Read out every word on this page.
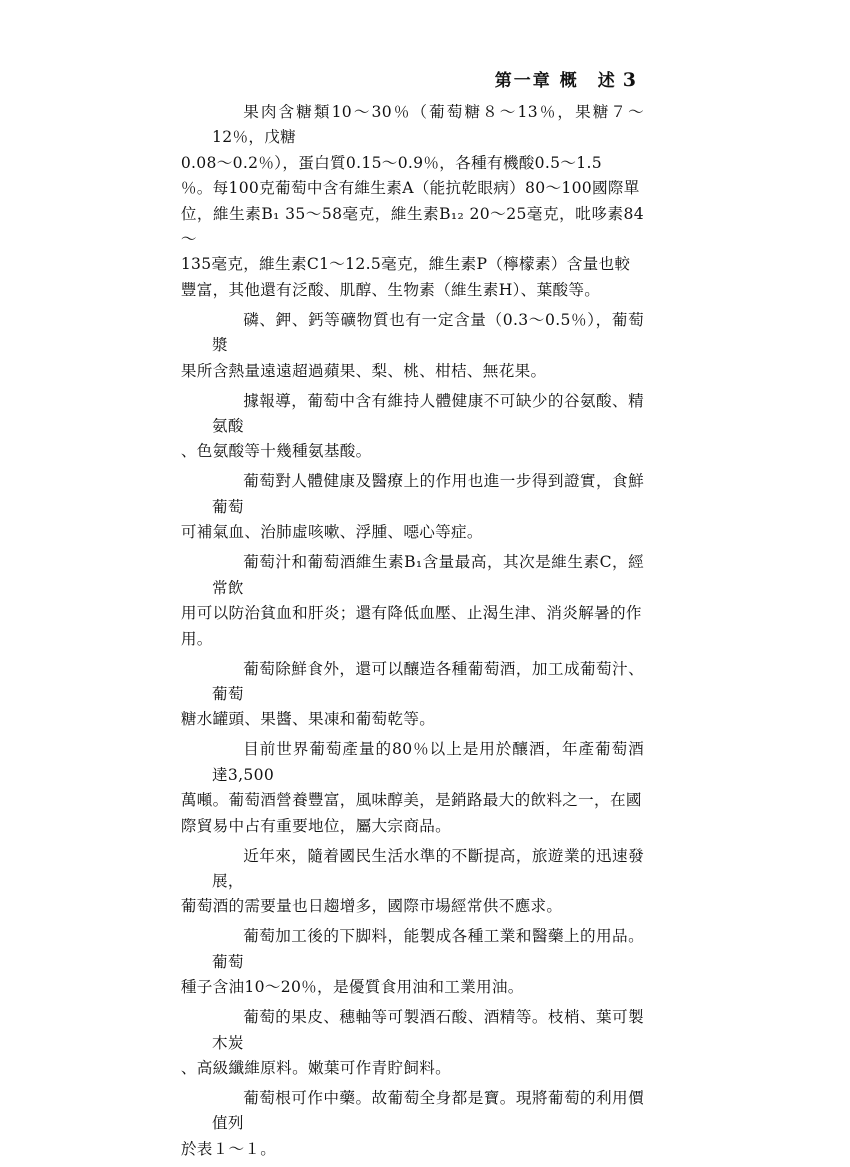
第一章 概　述 3

果肉含糖類10～30％（葡萄糖８～13％，果糖７～12％，戊糖
0.08～0.2％），蛋白質0.15～0.9％，各種有機酸0.5～1.5
％。每100克葡萄中含有維生素A（能抗乾眼病）80～100國際單
位，維生素B₁ 35～58毫克，維生素B₁₂ 20～25毫克，吡哆素84～
135毫克，維生素C1～12.5毫克，維生素P（檸檬素）含量也較
豐富，其他還有泛酸、肌醇、生物素（維生素H）、葉酸等。

磷、鉀、鈣等礦物質也有一定含量（0.3～0.5％），葡萄漿
果所含熱量遠遠超過蘋果、梨、桃、柑桔、無花果。

據報導，葡萄中含有維持人體健康不可缺少的谷氨酸、精氨酸
、色氨酸等十幾種氨基酸。

葡萄對人體健康及醫療上的作用也進一步得到證實，食鮮葡萄
可補氣血、治肺虛咳嗽、浮腫、噁心等症。

葡萄汁和葡萄酒維生素B₁含量最高，其次是維生素C，經常飲
用可以防治貧血和肝炎；還有降低血壓、止渴生津、消炎解暑的作
用。

葡萄除鮮食外，還可以釀造各種葡萄酒，加工成葡萄汁、葡萄
糖水罐頭、果醬、果凍和葡萄乾等。

目前世界葡萄產量的80％以上是用於釀酒，年產葡萄酒達3,500
萬噸。葡萄酒營養豐富，風味醇美，是銷路最大的飲料之一，在國
際貿易中占有重要地位，屬大宗商品。

近年來，隨着國民生活水準的不斷提高，旅遊業的迅速發展，
葡萄酒的需要量也日趨增多，國際市場經常供不應求。

葡萄加工後的下脚料，能製成各種工業和醫藥上的用品。葡萄
種子含油10～20％，是優質食用油和工業用油。

葡萄的果皮、穗軸等可製酒石酸、酒精等。枝梢、葉可製木炭
、高級纖維原料。嫩葉可作青貯飼料。

葡萄根可作中藥。故葡萄全身都是寶。現將葡萄的利用價值列
於表１～１。
